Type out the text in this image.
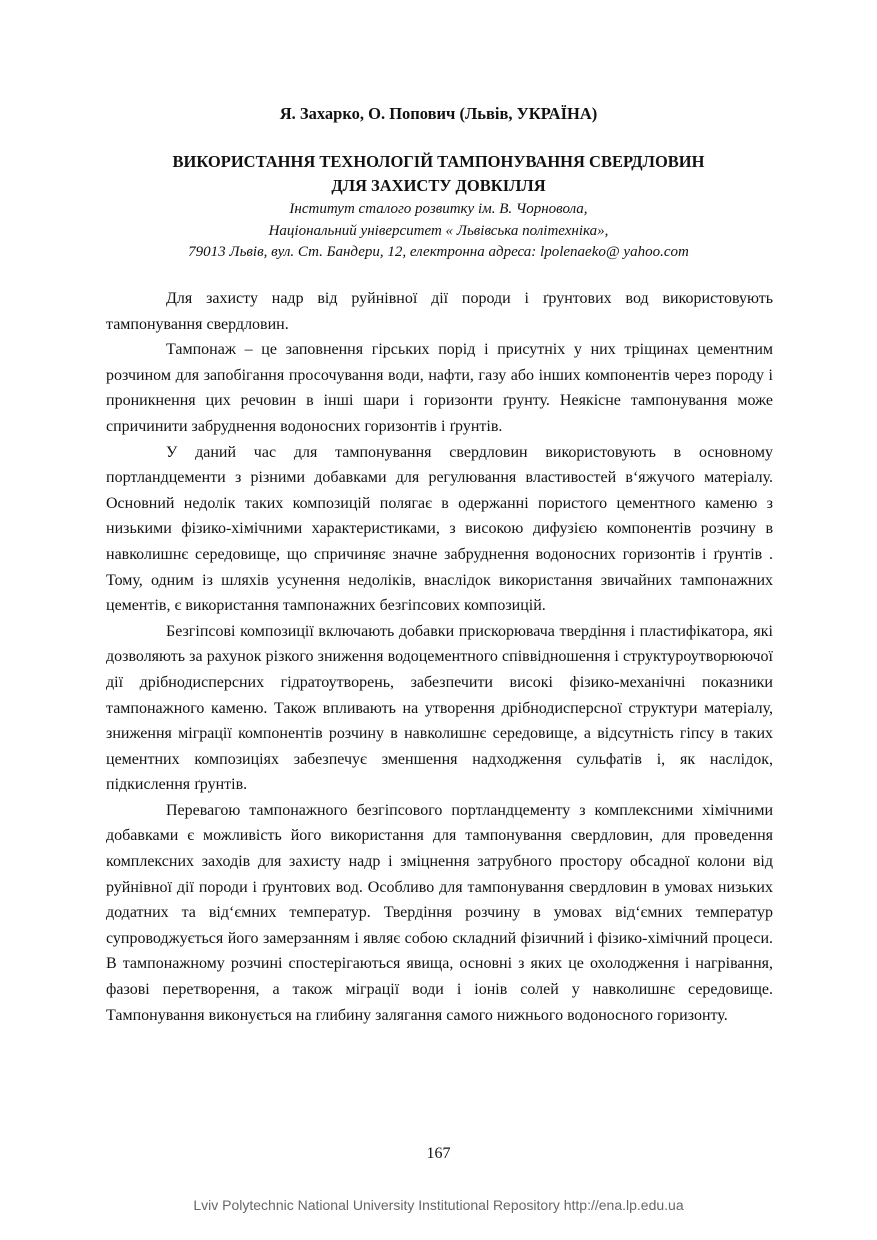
Я. Захарко, О. Попович (Львів, УКРАЇНА)
ВИКОРИСТАННЯ ТЕХНОЛОГІЙ ТАМПОНУВАННЯ СВЕРДЛОВИН
ДЛЯ ЗАХИСТУ ДОВКІЛЛЯ
Інститут сталого розвитку ім. В. Чорновола,
Національний університет « Львівська політехніка»,
79013 Львів, вул. Ст. Бандери, 12, електронна адреса: lpolenaeko@ yahoo.com

Для захисту надр від руйнівної дії породи і ґрунтових вод використовують тампонування свердловин.

Тампонаж – це заповнення гірських порід і присутніх у них тріщинах цементним розчином для запобігання просочування води, нафти, газу або інших компонентів через породу і проникнення цих речовин в інші шари і горизонти ґрунту. Неякісне тампонування може спричинити забруднення водоносних горизонтів і ґрунтів.

У даний час для тампонування свердловин використовують в основному портландцементи з різними добавками для регулювання властивостей в‘яжучого матеріалу. Основний недолік таких композицій полягає в одержанні пористого цементного каменю з низькими фізико-хімічними характеристиками, з високою дифузією компонентів розчину в навколишнє середовище, що спричиняє значне забруднення водоносних горизонтів і ґрунтів . Тому, одним із шляхів усунення недоліків, внаслідок використання звичайних тампонажних цементів, є використання тампонажних безгіпсових композицій.

Безгіпсові композиції включають добавки прискорювача твердіння і пластифікатора, які дозволяють за рахунок різкого зниження водоцементного співвідношення і структуроутворюючої дії дрібнодисперсних гідратоутворень, забезпечити високі фізико-механічні показники тампонажного каменю. Також впливають на утворення дрібнодисперсної структури матеріалу, зниження міграції компонентів розчину в навколишнє середовище, а відсутність гіпсу в таких цементних композиціях забезпечує зменшення надходження сульфатів і, як наслідок, підкислення ґрунтів.

Перевагою тампонажного безгіпсового портландцементу з комплексними хімічними добавками є можливість його використання для тампонування свердловин, для проведення комплексних заходів для захисту надр і зміцнення затрубного простору обсадної колони від руйнівної дії породи і ґрунтових вод. Особливо для тампонування свердловин в умовах низьких додатних та від‘ємних температур. Твердіння розчину в умовах від‘ємних температур супроводжується його замерзанням і являє собою складний фізичний і фізико-хімічний процеси. В тампонажному розчині спостерігаються явища, основні з яких це охолодження і нагрівання, фазові перетворення, а також міграції води і іонів солей у навколишнє середовище. Тампонування виконується на глибину залягання самого нижнього водоносного горизонту.

167
Lviv Polytechnic National University Institutional Repository http://ena.lp.edu.ua
